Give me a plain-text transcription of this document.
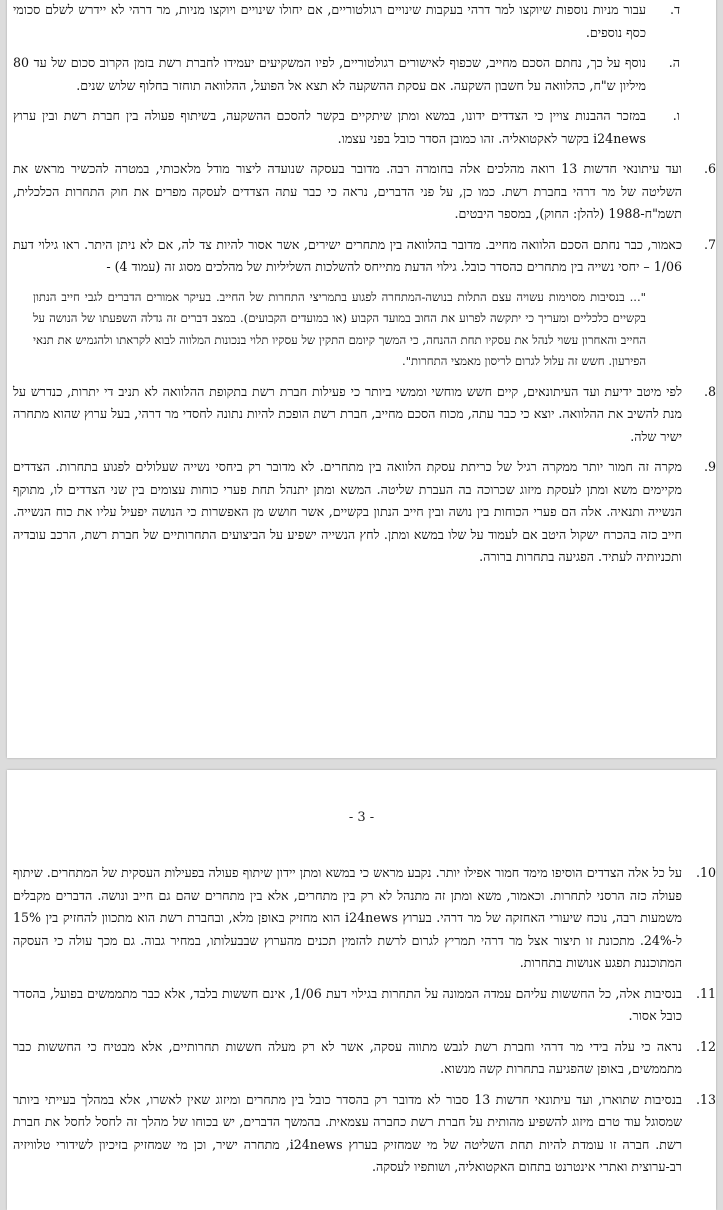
ד.
עבור מניות נוספות שיוקצו למר דרהי בעקבות שינויים רגולטוריים, אם יחולו שינויים ויוקצו מניות, מר דרהי לא יידרש לשלם סכומי כסף נוספים.
ה.
נוסף על כך, נחתם הסכם מחייב, שכפוף לאישורים רגולטוריים, לפיו המשקיעים יעמידו לחברת רשת בזמן הקרוב סכום של עד 80 מיליון ש"ח, כהלוואה על חשבון השקעה. אם עסקת ההשקעה לא תצא אל הפועל, ההלוואה תוחזר בחלוף שלוש שנים.
ו.
במזכר ההבנות צויין כי הצדדים ידונו, במשא ומתן שיתקיים בקשר להסכם ההשקעה, בשיתוף פעולה בין חברת רשת ובין ערוץ i24news בקשר לאקטואליה. זהו כמובן הסדר כובל בפני עצמו.
6.
ועד עיתונאי חדשות 13 רואה מהלכים אלה בחומרה רבה. מדובר בעסקה שנועדה ליצור מודל מלאכותי, במטרה להכשיר מראש את השליטה של מר דרהי בחברת רשת. כמו כן, על פני הדברים, נראה כי כבר עתה הצדדים לעסקה מפרים את חוק התחרות הכלכלית, תשמ"ח-1988 (להלן: החוק), במספר היבטים.
7.
כאמור, כבר נחתם הסכם הלוואה מחייב. מדובר בהלוואה בין מתחרים ישירים, אשר אסור להיות צד לה, אם לא ניתן היתר. ראו גילוי דעת 1/06 – יחסי נשייה בין מתחרים כהסדר כובל. גילוי הדעת מתייחס להשלכות השליליות של מהלכים מסוג זה (עמוד 4) -
"... בנסיבות מסוימות עשויה עצם התלות בנושה-המתחרה לפגוע בתמריצי התחרות של החייב. בעיקר אמורים הדברים לגבי חייב הנתון בקשיים כלכליים ומעריך כי יתקשה לפרוע את החוב במועד הקבוע (או במועדים הקבועים). במצב דברים זה גדלה השפעתו של הנושה על החייב והאחרון עשוי לנהל את עסקיו תחת ההנחה, כי המשך קיומם התקין של עסקיו תלוי בנכונות המלווה לבוא לקראתו ולהגמיש את תנאי הפירעון. חשש זה עלול לגרום לריסון מאמצי התחרות".
8.
לפי מיטב ידיעת ועד העיתונאים, קיים חשש מוחשי וממשי ביותר כי פעילות חברת רשת בתקופת ההלוואה לא תניב די יתרות, כנדרש על מנת להשיב את ההלוואה. יוצא כי כבר עתה, מכוח הסכם מחייב, חברת רשת הופכת להיות נתונה לחסדי מר דרהי, בעל ערוץ שהוא מתחרה ישיר שלה.
9.
מקרה זה חמור יותר ממקרה רגיל של כריתת עסקת הלוואה בין מתחרים. לא מדובר רק ביחסי נשייה שעלולים לפגוע בתחרות. הצדדים מקיימים משא ומתן לעסקת מיזוג שכרוכה בה העברת שליטה. המשא ומתן יתנהל תחת פערי כוחות עצומים בין שני הצדדים לו, מתוקף הנשייה ותנאיה. אלה הם פערי הכוחות בין נושה ובין חייב הנתון בקשיים, אשר חושש מן האפשרות כי הנושה יפעיל עליו את כוח הנשייה. חייב כזה בהכרח ישקול היטב אם לעמוד על שלו במשא ומתן. לחץ הנשייה ישפיע על הביצועים התחרותיים של חברת רשת, הרכב עובדיה ותכניותיה לעתיד. הפגיעה בתחרות ברורה.
- 3 -
10.
על כל אלה הצדדים הוסיפו מימד חמור אפילו יותר. נקבע מראש כי במשא ומתן יידון שיתוף פעולה בפעילות העסקית של המתחרים. שיתוף פעולה כזה הרסני לתחרות. וכאמור, משא ומתן זה מתנהל לא רק בין מתחרים, אלא בין מתחרים שהם גם חייב ונושה. הדברים מקבלים משמעות רבה, נוכח שיעורי האחזקה של מר דרהי. בערוץ i24news הוא מחזיק באופן מלא, ובחברת רשת הוא מתכוון להחזיק בין 15% ל-24%. מתכונת זו תיצור אצל מר דרהי תמריץ לגרום לרשת להזמין תכנים מהערוץ שבבעלותו, במחיר גבוה. גם מכך עולה כי העסקה המתוכננת תפגע אנושות בתחרות.
11.
בנסיבות אלה, כל החששות עליהם עמדה הממונה על התחרות בגילוי דעת 1/06, אינם חששות בלבד, אלא כבר מתממשים בפועל, בהסדר כובל אסור.
12.
נראה כי עלה בידי מר דרהי וחברת רשת לגבש מתווה עסקה, אשר לא רק מעלה חששות תחרותיים, אלא מבטיח כי החששות כבר מתממשים, באופן שהפגיעה בתחרות קשה מנשוא.
13.
בנסיבות שתוארו, ועד עיתונאי חדשות 13 סבור לא מדובר רק בהסדר כובל בין מתחרים ומיזוג שאין לאשרו, אלא במהלך בעייתי ביותר שמסוגל עוד טרם מיזוג להשפיע מהותית על חברת רשת כחברה עצמאית. בהמשך הדברים, יש בכוחו של מהלך זה לחסל לחסל את חברת רשת. חברה זו עומדת להיות תחת השליטה של מי שמחזיק בערוץ i24news, מתחרה ישיר, וכן מי שמחזיק בזיכיון לשידורי טלוויזיה רב-ערוצית ואתרי אינטרנט בתחום האקטואליה, ושותפיו לעסקה.
